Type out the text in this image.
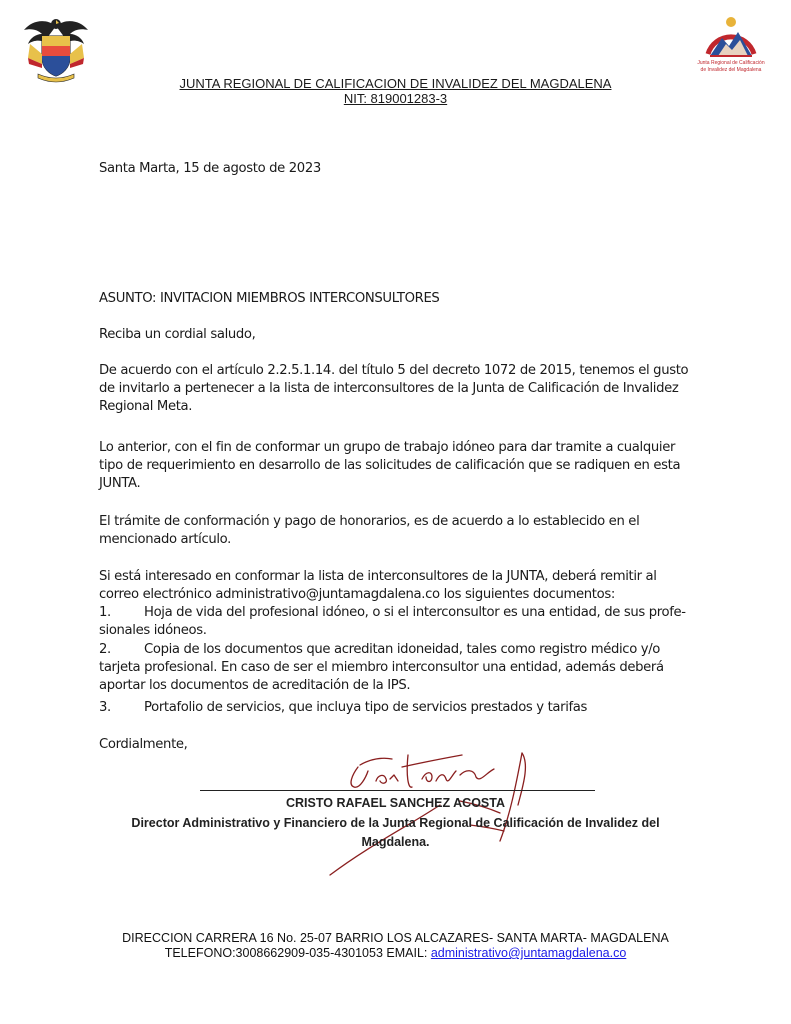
Junta Regional de Calificación
de Invalidez del Magdalena
JUNTA REGIONAL DE CALIFICACION DE INVALIDEZ DEL MAGDALENA
NIT: 819001283-3
Santa Marta, 15 de agosto de 2023
ASUNTO: INVITACION MIEMBROS INTERCONSULTORES
Reciba un cordial saludo,
De acuerdo con el artículo 2.2.5.1.14. del título 5 del decreto 1072 de 2015, tenemos el gusto
de invitarlo a pertenecer a la lista de interconsultores de la Junta de Calificación de Invalidez
Regional Meta.
Lo anterior, con el fin de conformar un grupo de trabajo idóneo para dar tramite a cualquier
tipo de requerimiento en desarrollo de las solicitudes de calificación que se radiquen en esta
JUNTA.
El trámite de conformación y pago de honorarios, es de acuerdo a lo establecido en el
mencionado artículo.
Si está interesado en conformar la lista de interconsultores de la JUNTA, deberá remitir al
correo electrónico administrativo@juntamagdalena.co los siguientes documentos:
1.	Hoja de vida del profesional idóneo, o si el interconsultor es una entidad, de sus profe-
sionales idóneos.
2.	Copia de los documentos que acreditan idoneidad, tales como registro médico y/o
tarjeta profesional. En caso de ser el miembro interconsultor una entidad, además deberá
aportar los documentos de acreditación de la IPS.
3.	Portafolio de servicios, que incluya tipo de servicios prestados y tarifas
Cordialmente,
CRISTO RAFAEL SANCHEZ ACOSTA
Director Administrativo y Financiero de la Junta Regional de Calificación de Invalidez del
Magdalena.
DIRECCION CARRERA 16 No. 25-07 BARRIO LOS ALCAZARES- SANTA MARTA- MAGDALENA
TELEFONO:3008662909-035-4301053 EMAIL: administrativo@juntamagdalena.co
